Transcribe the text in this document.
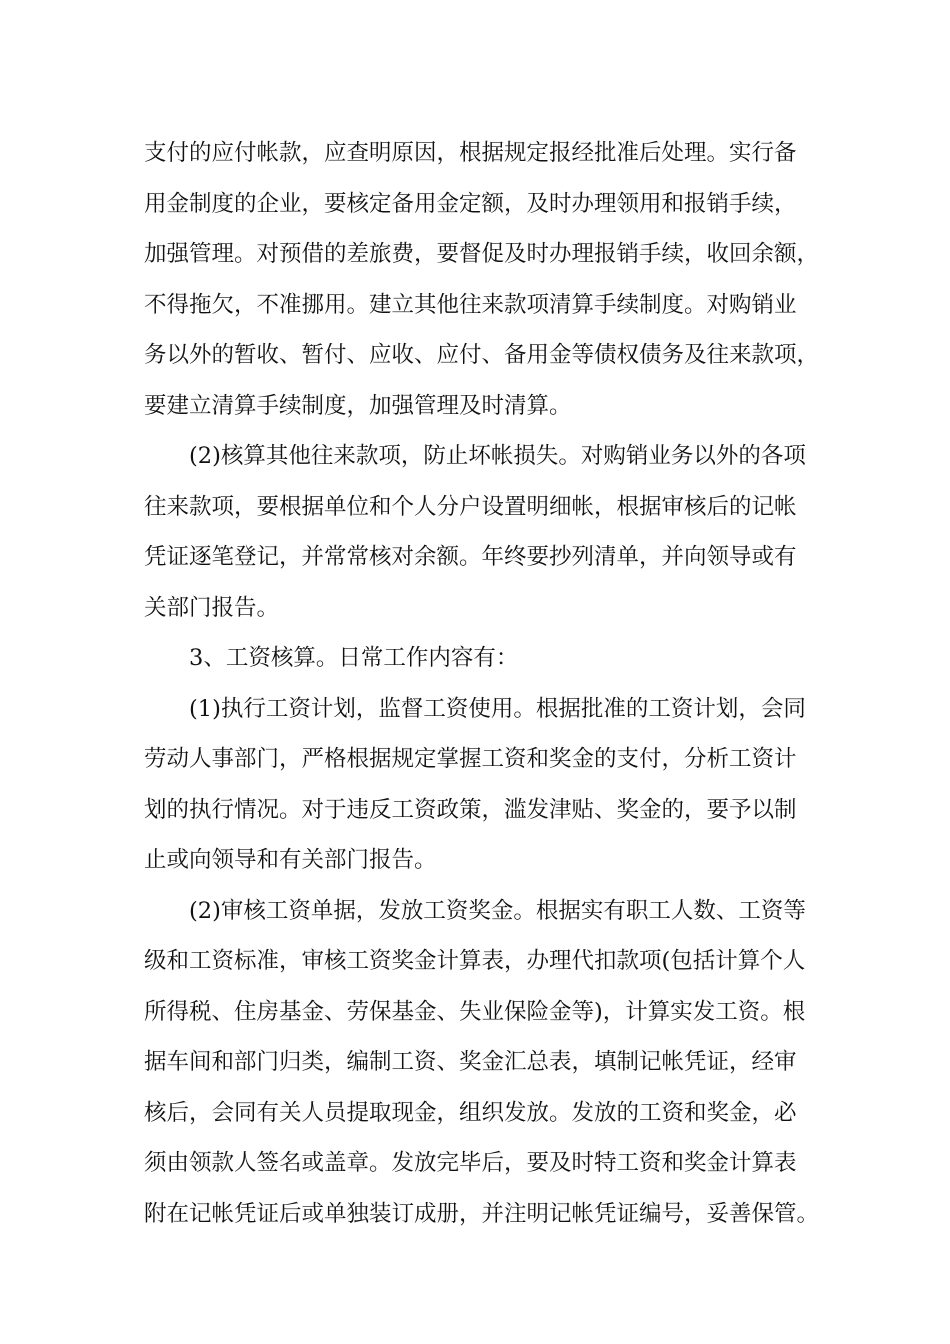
支付的应付帐款，应查明原因，根据规定报经批准后处理。实行备
用金制度的企业，要核定备用金定额，及时办理领用和报销手续，
加强管理。对预借的差旅费，要督促及时办理报销手续，收回余额，
不得拖欠，不准挪用。建立其他往来款项清算手续制度。对购销业
务以外的暂收、暂付、应收、应付、备用金等债权债务及往来款项，
要建立清算手续制度，加强管理及时清算。
(2)核算其他往来款项，防止坏帐损失。对购销业务以外的各项
往来款项，要根据单位和个人分户设置明细帐，根据审核后的记帐
凭证逐笔登记，并常常核对余额。年终要抄列清单，并向领导或有
关部门报告。
3、工资核算。日常工作内容有：
(1)执行工资计划，监督工资使用。根据批准的工资计划，会同
劳动人事部门，严格根据规定掌握工资和奖金的支付，分析工资计
划的执行情况。对于违反工资政策，滥发津贴、奖金的，要予以制
止或向领导和有关部门报告。
(2)审核工资单据，发放工资奖金。根据实有职工人数、工资等
级和工资标准，审核工资奖金计算表，办理代扣款项(包括计算个人
所得税、住房基金、劳保基金、失业保险金等)，计算实发工资。根
据车间和部门归类，编制工资、奖金汇总表，填制记帐凭证，经审
核后，会同有关人员提取现金，组织发放。发放的工资和奖金，必
须由领款人签名或盖章。发放完毕后，要及时特工资和奖金计算表
附在记帐凭证后或单独装订成册，并注明记帐凭证编号，妥善保管。
